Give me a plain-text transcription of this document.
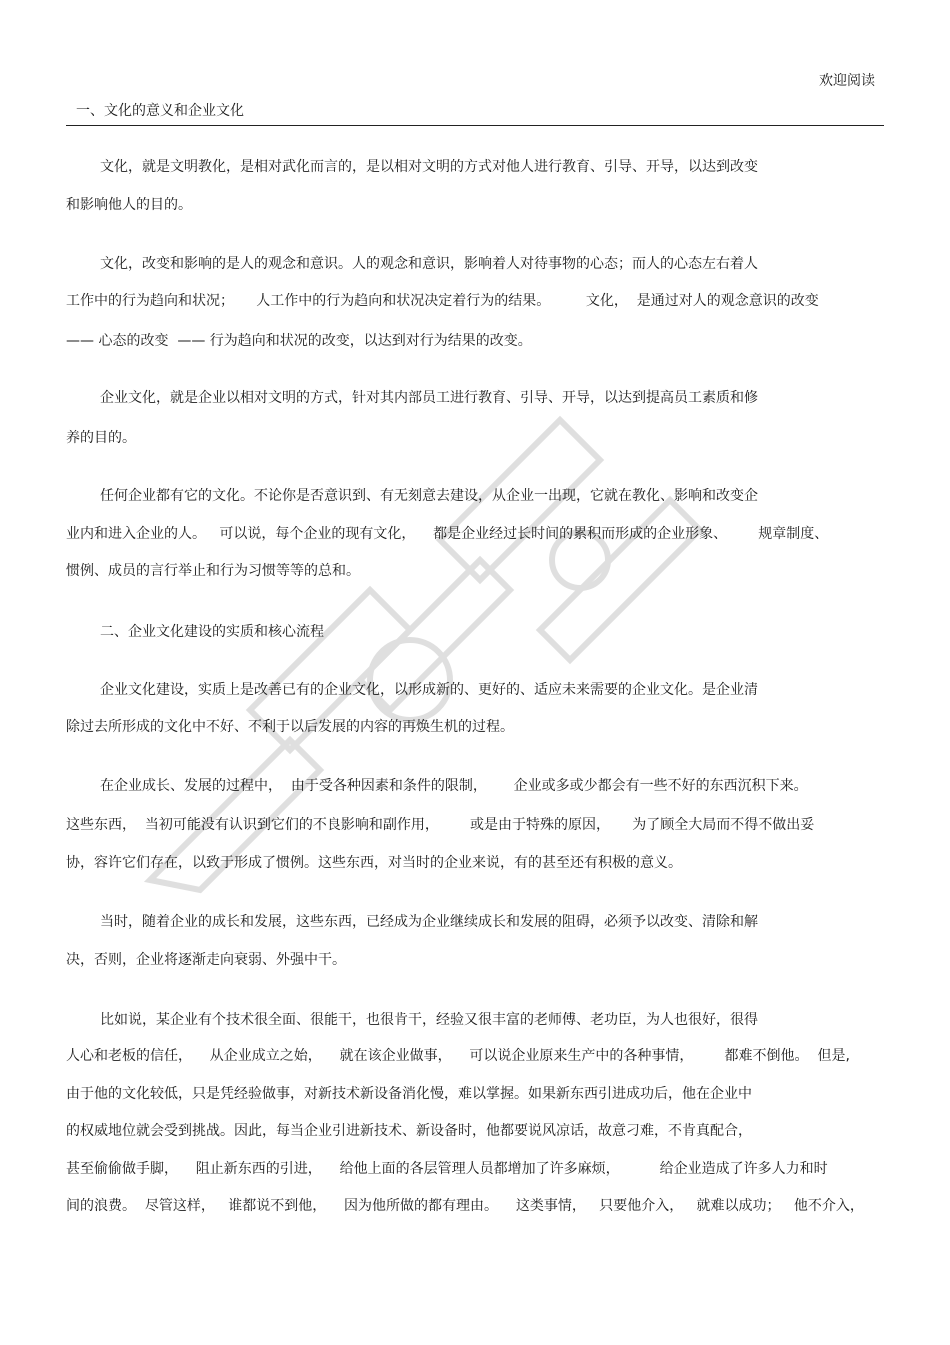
欢迎阅读
一、文化的意义和企业文化
文化，就是文明教化，是相对武化而言的，是以相对文明的方式对他人进行教育、引导、开导，以达到改变
和影响他人的目的。
文化，改变和影响的是人的观念和意识。人的观念和意识，影响着人对待事物的心态；而人的心态左右着人
工作中的行为趋向和状况；     人工作中的行为趋向和状况决定着行为的结果。        文化，  是通过对人的观念意识的改变
—— 心态的改变  —— 行为趋向和状况的改变，以达到对行为结果的改变。
企业文化，就是企业以相对文明的方式，针对其内部员工进行教育、引导、开导，以达到提高员工素质和修
养的目的。
任何企业都有它的文化。不论你是否意识到、有无刻意去建设，从企业一出现，它就在教化、影响和改变企
业内和进入企业的人。   可以说，每个企业的现有文化，    都是企业经过长时间的累积而形成的企业形象、       规章制度、
惯例、成员的言行举止和行为习惯等等的总和。
二、企业文化建设的实质和核心流程
企业文化建设，实质上是改善已有的企业文化，以形成新的、更好的、适应未来需要的企业文化。是企业清
除过去所形成的文化中不好、不利于以后发展的内容的再焕生机的过程。
在企业成长、发展的过程中，  由于受各种因素和条件的限制，      企业或多或少都会有一些不好的东西沉积下来。
这些东西，  当初可能没有认识到它们的不良影响和副作用，       或是由于特殊的原因，     为了顾全大局而不得不做出妥
协，容许它们存在，以致于形成了惯例。这些东西，对当时的企业来说，有的甚至还有积极的意义。
当时，随着企业的成长和发展，这些东西，已经成为企业继续成长和发展的阻碍，必须予以改变、清除和解
决，否则，企业将逐渐走向衰弱、外强中干。
比如说，某企业有个技术很全面、很能干，也很肯干，经验又很丰富的老师傅、老功臣，为人也很好，很得
人心和老板的信任，    从企业成立之始，    就在该企业做事，    可以说企业原来生产中的各种事情，       都难不倒他。  但是,
由于他的文化较低，只是凭经验做事，对新技术新设备消化慢，难以掌握。如果新东西引进成功后，他在企业中
的权威地位就会受到挑战。因此，每当企业引进新技术、新设备时，他都要说风凉话，故意刁难，不肯真配合，
甚至偷偷做手脚，    阻止新东西的引进，    给他上面的各层管理人员都增加了许多麻烦，         给企业造成了许多人力和时
间的浪费。  尽管这样，   谁都说不到他，    因为他所做的都有理由。    这类事情，   只要他介入，   就难以成功；   他不介入，
